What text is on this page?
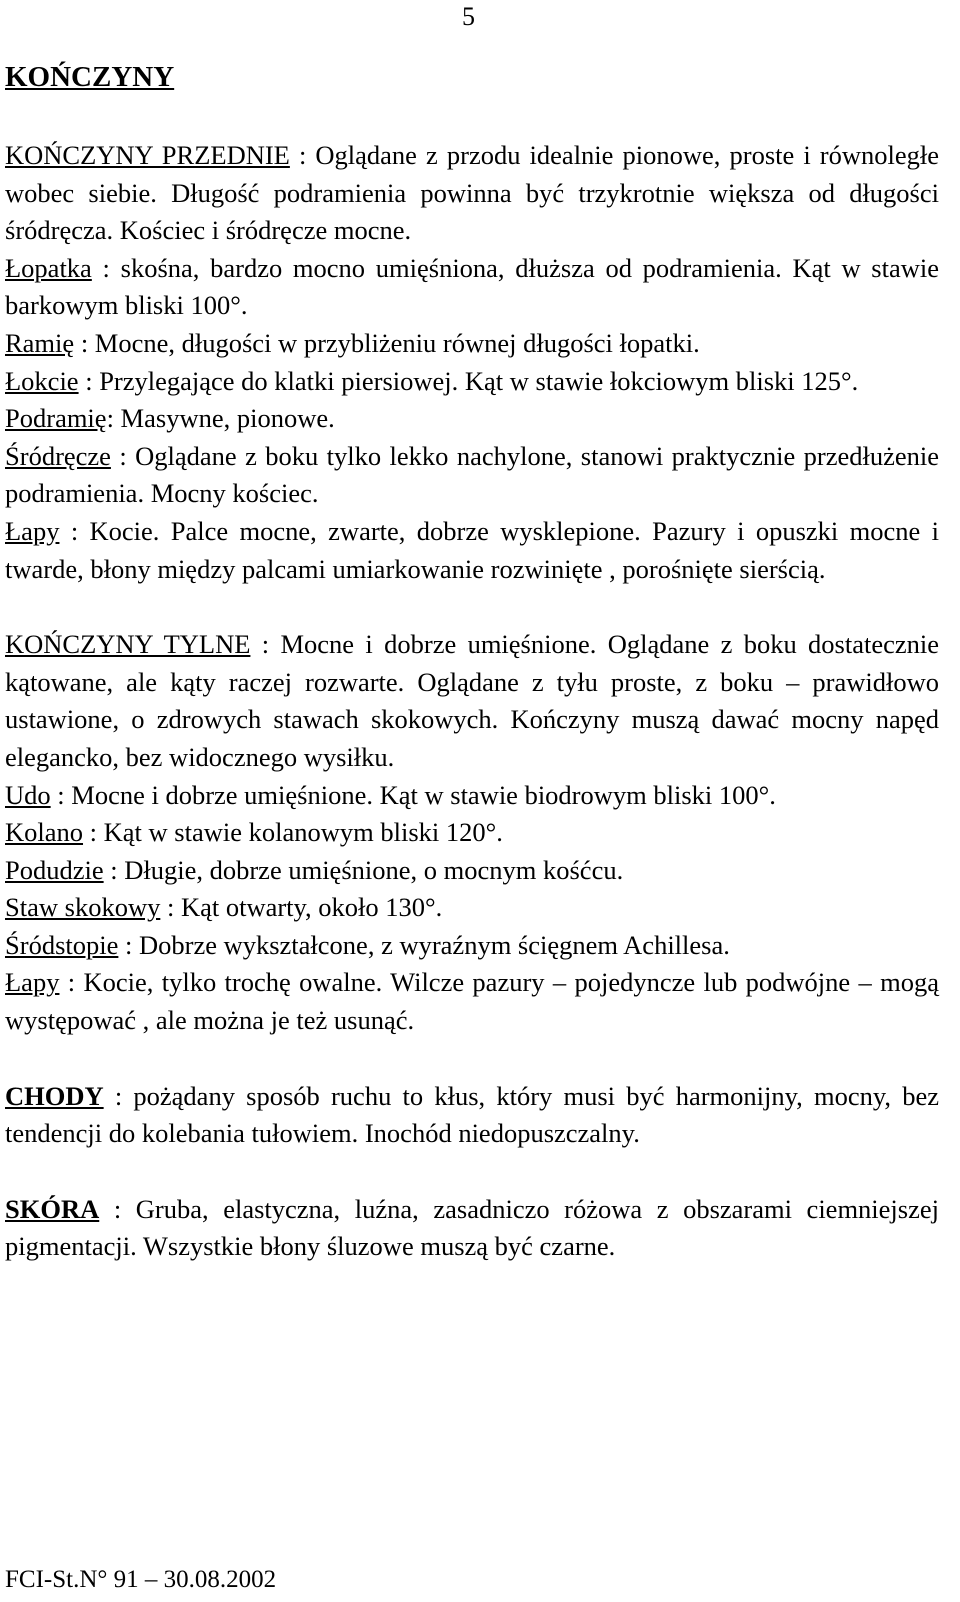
5
KOŃCZYNY

KOŃCZYNY PRZEDNIE : Oglądane z przodu idealnie pionowe, proste i równoległe wobec siebie. Długość podramienia powinna być trzykrotnie większa od długości śródręcza. Kościec i śródręcze mocne.

Łopatka : skośna, bardzo mocno umięśniona, dłuższa od podramienia. Kąt w stawie barkowym bliski 100°.

Ramię : Mocne, długości w przybliżeniu równej długości łopatki.

Łokcie : Przylegające do klatki piersiowej. Kąt w stawie łokciowym bliski 125°.

Podramię: Masywne, pionowe.

Śródręcze : Oglądane z boku tylko lekko nachylone, stanowi praktycznie przedłużenie podramienia. Mocny kościec.

Łapy : Kocie. Palce mocne, zwarte, dobrze wysklepione. Pazury i opuszki mocne i twarde, błony między palcami umiarkowanie rozwinięte , porośnięte sierścią.

KOŃCZYNY TYLNE : Mocne i dobrze umięśnione. Oglądane z boku dostatecznie kątowane, ale kąty raczej rozwarte. Oglądane z tyłu proste, z boku – prawidłowo ustawione, o zdrowych stawach skokowych. Kończyny muszą dawać mocny napęd elegancko, bez widocznego wysiłku.

Udo : Mocne i dobrze umięśnione. Kąt w stawie biodrowym bliski 100°.

Kolano : Kąt w stawie kolanowym bliski 120°.

Podudzie : Długie, dobrze umięśnione, o mocnym kośćcu.

Staw skokowy : Kąt otwarty, około 130°.

Śródstopie : Dobrze wykształcone, z wyraźnym ścięgnem Achillesa.

Łapy : Kocie, tylko trochę owalne. Wilcze pazury – pojedyncze lub podwójne – mogą występować , ale można je też usunąć.

CHODY : pożądany sposób ruchu to kłus, który musi być harmonijny, mocny, bez tendencji do kolebania tułowiem. Inochód niedopuszczalny.

SKÓRA : Gruba, elastyczna, luźna, zasadniczo różowa z obszarami ciemniejszej pigmentacji. Wszystkie błony śluzowe muszą być czarne.

FCI-St.N° 91 – 30.08.2002
